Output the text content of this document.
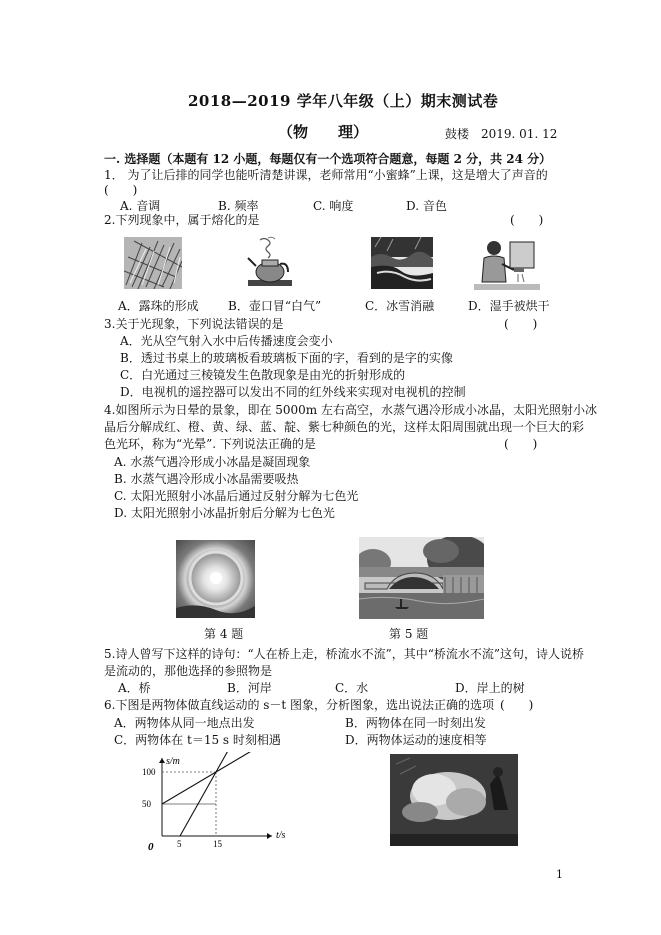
2018—2019 学年八年级（上）期末测试卷
（物　　理）	鼓楼　2019. 01. 12
一. 选择题（本题有 12 小题，每题仅有一个选项符合题意，每题 2 分，共 24 分）
1． 为了让后排的同学也能听清楚讲课，老师常用“小蜜蜂”上课，这是增大了声音的
(　　)
A. 音调	B. 频率	C. 响度	D. 音色
2.下列现象中，属于熔化的是	(　　)
A．露珠的形成 B．壶口冒“白气”	C．冰雪消融	D．湿手被烘干
3.关于光现象，下列说法错误的是	(　　)
A．光从空气射入水中后传播速度会变小
B．透过书桌上的玻璃板看玻璃板下面的字，看到的是字的实像
C．白光通过三棱镜发生色散现象是由光的折射形成的
D．电视机的遥控器可以发出不同的红外线来实现对电视机的控制
4.如图所示为日晕的景象，即在 5000m 左右高空，水蒸气遇冷形成小冰晶，太阳光照射小冰
晶后分解成红、橙、黄、绿、蓝、靛、紫七种颜色的光，这样太阳周围就出现一个巨大的彩
色光环，称为“光晕”. 下列说法正确的是	(　　)
A. 水蒸气遇冷形成小冰晶是凝固现象
B. 水蒸气遇冷形成小冰晶需要吸热
C. 太阳光照射小冰晶后通过反射分解为七色光
D. 太阳光照射小冰晶折射后分解为七色光
第 4 题	第 5 题
5.诗人曾写下这样的诗句：“人在桥上走，桥流水不流”，其中“桥流水不流”这句，诗人说桥
是流动的，那他选择的参照物是
A．桥	B．河岸	C．水	D．岸上的树
6.下图是两物体做直线运动的 s－t 图象，分析图象，选出说法正确的选项 (　　)
A．两物体从同一地点出发	B．两物体在同一时刻出发
C．两物体在 t＝15 s 时刻相遇	D．两物体运动的速度相等
s/m
t/s
0
100
50
5	15
1
